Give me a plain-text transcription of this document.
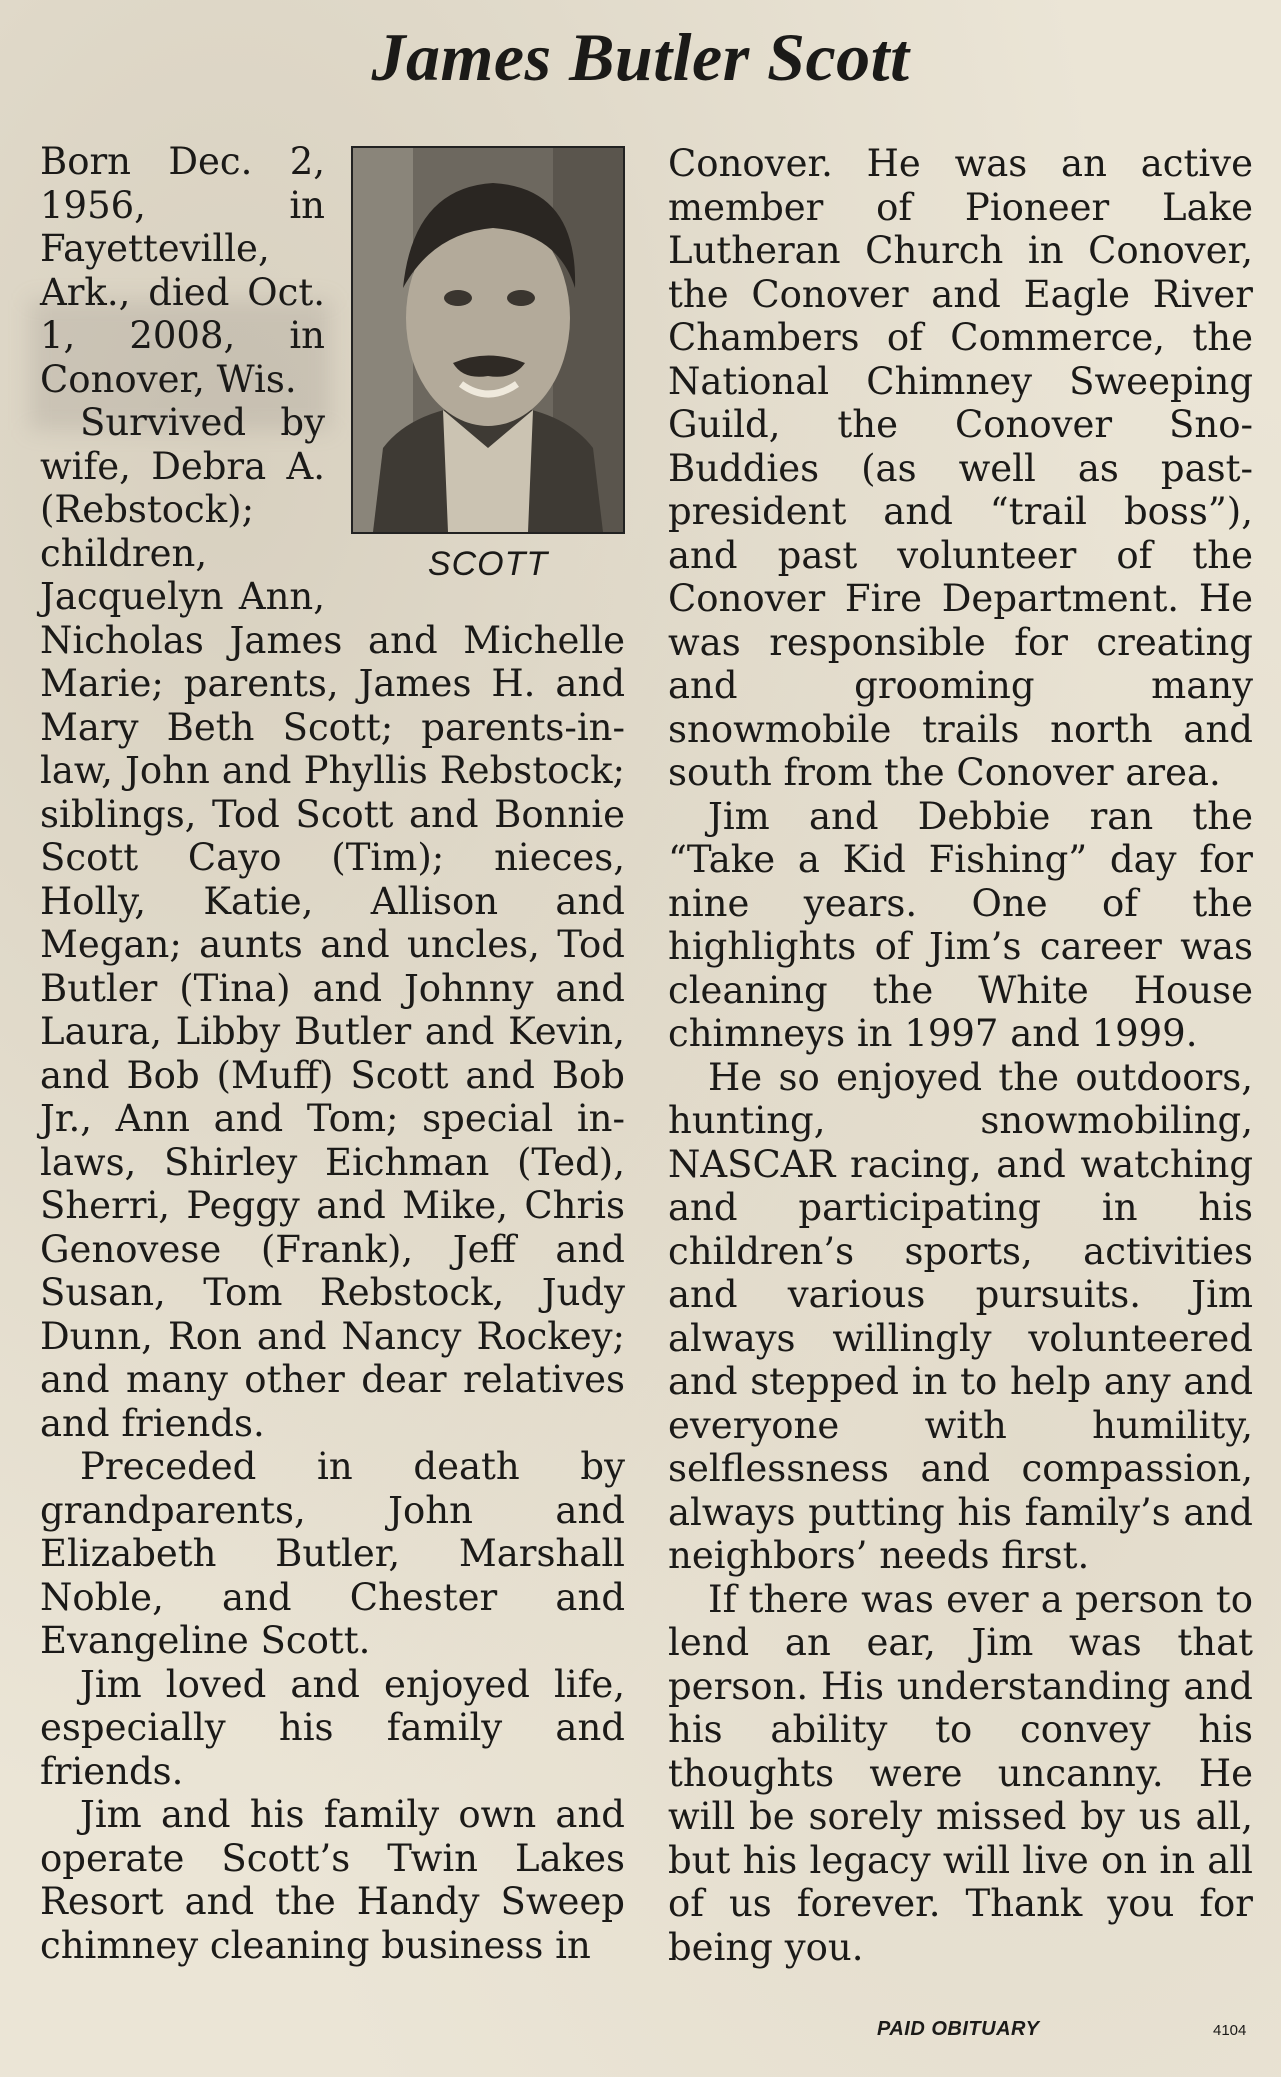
James Butler Scott
SCOTT

Born Dec. 2, 1956, in Fayetteville, Ark., died Oct. 1, 2008, in Conover, Wis.

Survived by wife, Debra A. (Rebstock); children, Jacquelyn Ann, Nicholas James and Michelle Marie; parents, James H. and Mary Beth Scott; parents-in-law, John and Phyllis Rebstock; siblings, Tod Scott and Bonnie Scott Cayo (Tim); nieces, Holly, Katie, Allison and Megan; aunts and uncles, Tod Butler (Tina) and Johnny and Laura, Libby Butler and Kevin, and Bob (Muff) Scott and Bob Jr., Ann and Tom; special in-laws, Shirley Eichman (Ted), Sherri, Peggy and Mike, Chris Genovese (Frank), Jeff and Susan, Tom Rebstock, Judy Dunn, Ron and Nancy Rockey; and many other dear relatives and friends.

Preceded in death by grandparents, John and Elizabeth Butler, Marshall Noble, and Chester and Evangeline Scott.

Jim loved and enjoyed life, especially his family and friends.

Jim and his family own and operate Scott’s Twin Lakes Resort and the Handy Sweep chimney cleaning business in

Conover. He was an active member of Pioneer Lake Lutheran Church in Conover, the Conover and Eagle River Chambers of Commerce, the National Chimney Sweeping Guild, the Conover Sno-Buddies (as well as past-president and “trail boss”), and past volunteer of the Conover Fire Department. He was responsible for creating and grooming many snowmobile trails north and south from the Conover area.

Jim and Debbie ran the “Take a Kid Fishing” day for nine years. One of the highlights of Jim’s career was cleaning the White House chimneys in 1997 and 1999.

He so enjoyed the outdoors, hunting, snowmobiling, NASCAR racing, and watching and participating in his children’s sports, activities and various pursuits. Jim always willingly volunteered and stepped in to help any and everyone with humility, selflessness and compassion, always putting his family’s and neighbors’ needs first.

If there was ever a person to lend an ear, Jim was that person. His understanding and his ability to convey his thoughts were uncanny. He will be sorely missed by us all, but his legacy will live on in all of us forever. Thank you for being you.

PAID OBITUARY	4104
